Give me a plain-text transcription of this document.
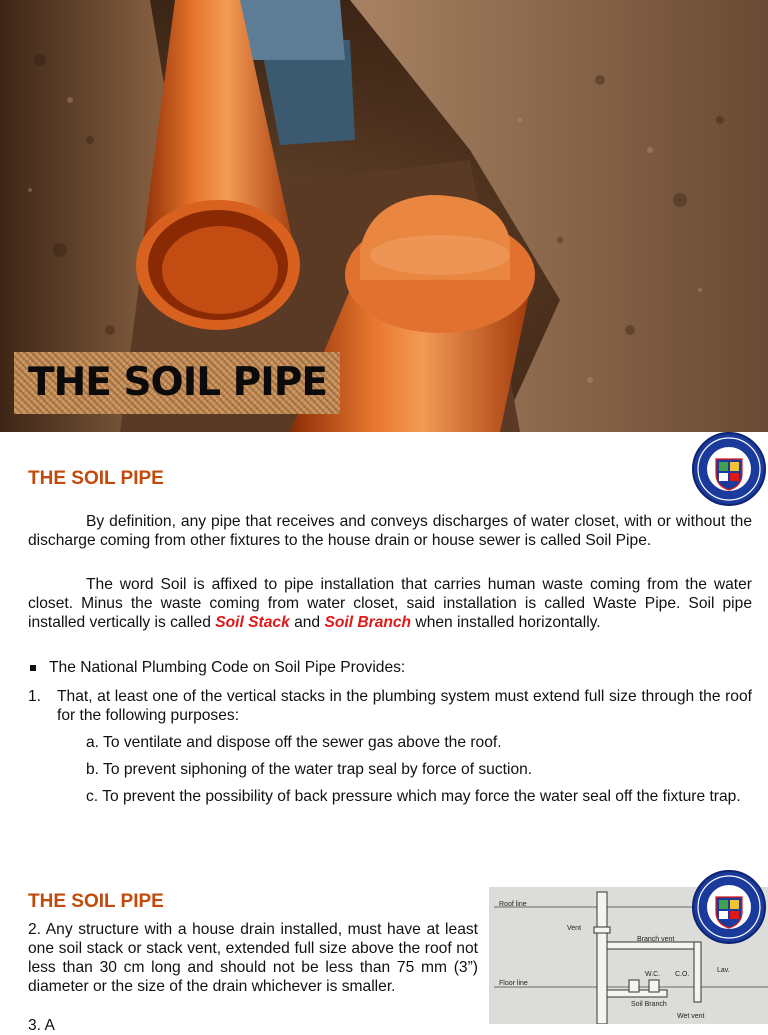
THE SOIL PIPE
THE SOIL PIPE
By definition, any pipe that receives and conveys discharges of water closet, with or without the discharge coming from other fixtures to the house drain or house sewer is called Soil Pipe.
The word Soil is affixed to pipe installation that carries human waste coming from the water closet. Minus the waste coming from water closet, said installation is called Waste Pipe. Soil pipe installed vertically is called Soil Stack and Soil Branch when installed horizontally.
The National Plumbing Code on Soil Pipe Provides:
1. That, at least one of the vertical stacks in the plumbing system must extend full size through the roof for the following purposes:
a. To ventilate and dispose off the sewer gas above the roof.
b. To prevent siphoning of the water trap seal by force of suction.
c. To prevent the possibility of back pressure which may force the water seal off the fixture trap.
THE SOIL PIPE
2. Any structure with a house drain installed, must have at least one soil stack or stack vent, extended full size above the roof not less than 30 cm long and should not be less than 75 mm (3”) diameter or the size of the drain whichever is smaller.
3. A
Roof line
Vent
Branch vent
Lav.
Floor line
W.C. C.O.
Soil Branch
Wet vent
